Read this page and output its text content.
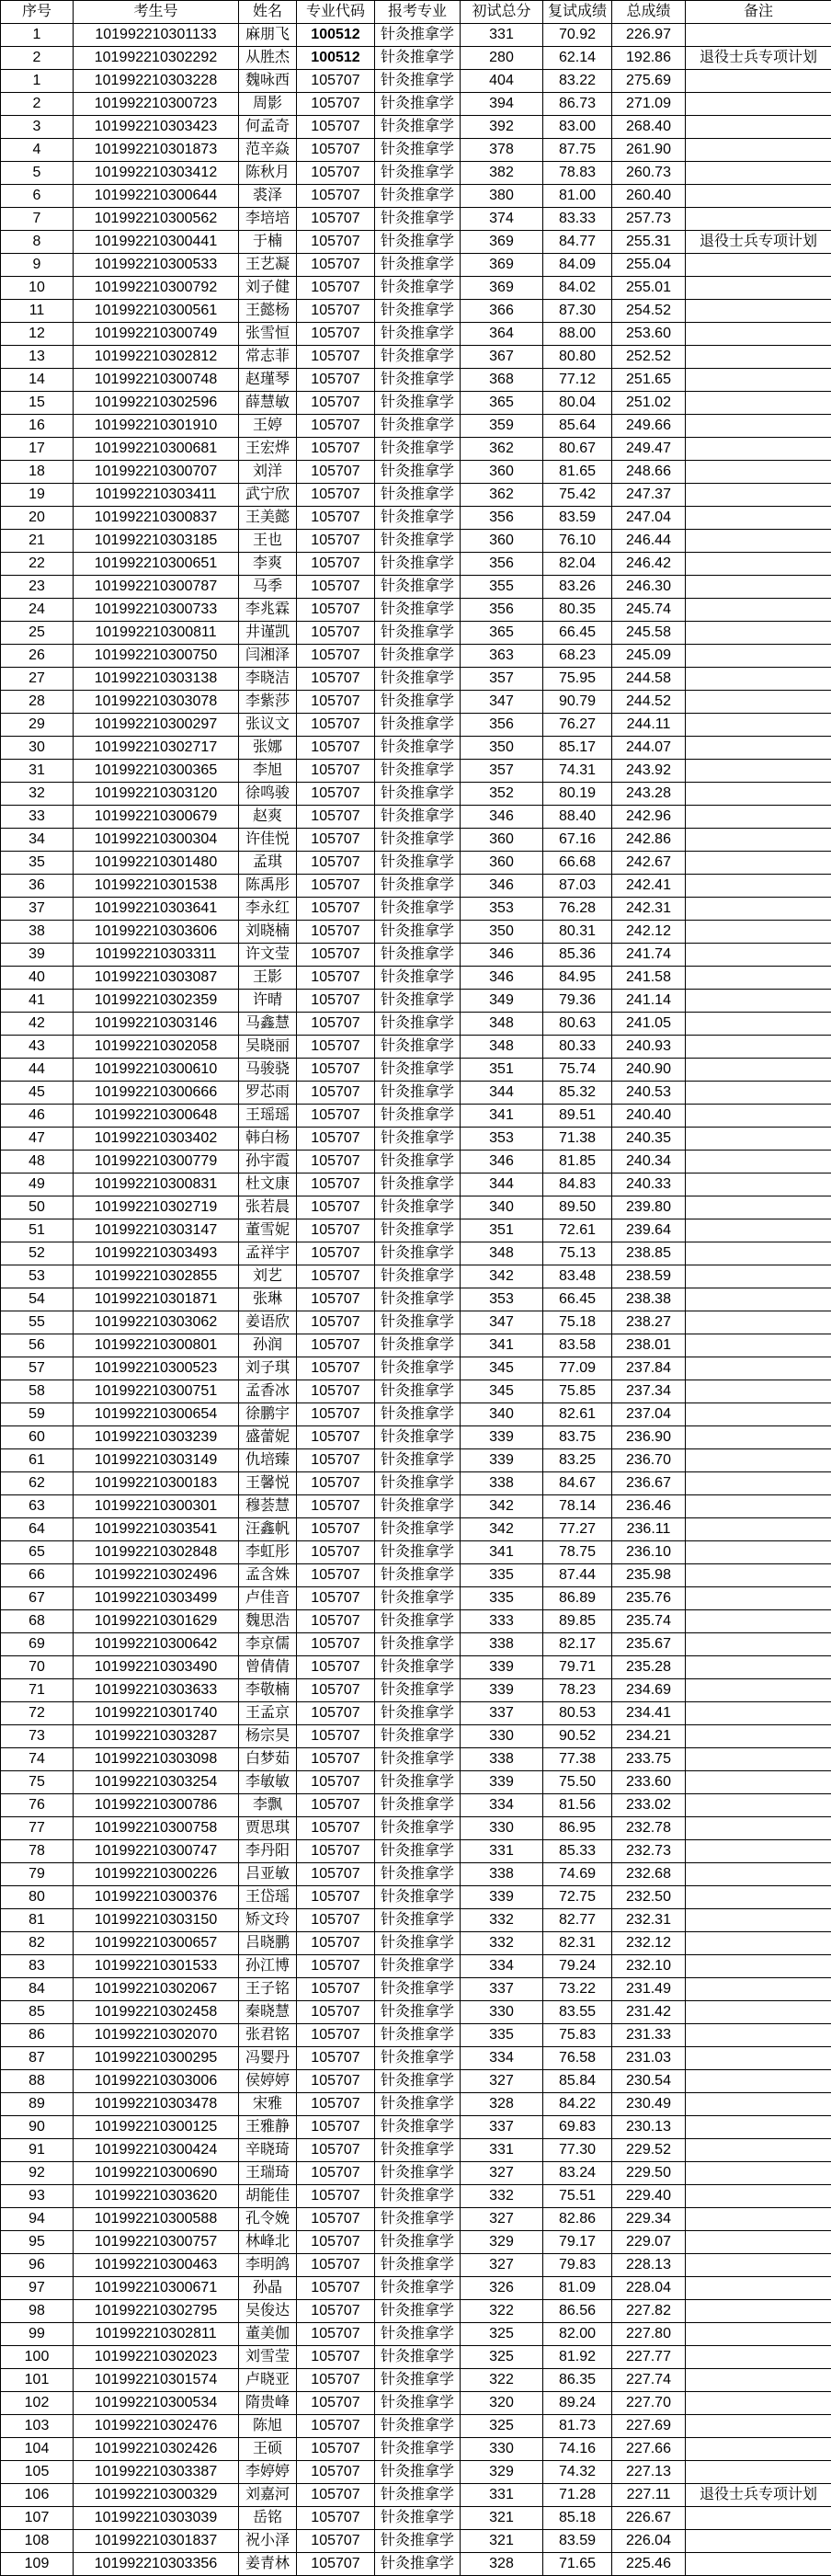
序号	考生号	姓名	专业代码	报考专业	初试总分	复试成绩	总成绩	备注
1	101992210301133	麻朋飞	100512	针灸推拿学	331	70.92	226.97	
2	101992210302292	从胜杰	100512	针灸推拿学	280	62.14	192.86	退役士兵专项计划
1	101992210303228	魏咏西	105707	针灸推拿学	404	83.22	275.69	
2	101992210300723	周影	105707	针灸推拿学	394	86.73	271.09	
3	101992210303423	何孟奇	105707	针灸推拿学	392	83.00	268.40	
4	101992210301873	范辛焱	105707	针灸推拿学	378	87.75	261.90	
5	101992210303412	陈秋月	105707	针灸推拿学	382	78.83	260.73	
6	101992210300644	裘泽	105707	针灸推拿学	380	81.00	260.40	
7	101992210300562	李培培	105707	针灸推拿学	374	83.33	257.73	
8	101992210300441	于楠	105707	针灸推拿学	369	84.77	255.31	退役士兵专项计划
9	101992210300533	王艺凝	105707	针灸推拿学	369	84.09	255.04	
10	101992210300792	刘子健	105707	针灸推拿学	369	84.02	255.01	
11	101992210300561	王懿杨	105707	针灸推拿学	366	87.30	254.52	
12	101992210300749	张雪恒	105707	针灸推拿学	364	88.00	253.60	
13	101992210302812	常志菲	105707	针灸推拿学	367	80.80	252.52	
14	101992210300748	赵瑾琴	105707	针灸推拿学	368	77.12	251.65	
15	101992210302596	薛慧敏	105707	针灸推拿学	365	80.04	251.02	
16	101992210301910	王婷	105707	针灸推拿学	359	85.64	249.66	
17	101992210300681	王宏烨	105707	针灸推拿学	362	80.67	249.47	
18	101992210300707	刘洋	105707	针灸推拿学	360	81.65	248.66	
19	101992210303411	武宁欣	105707	针灸推拿学	362	75.42	247.37	
20	101992210300837	王美懿	105707	针灸推拿学	356	83.59	247.04	
21	101992210303185	王也	105707	针灸推拿学	360	76.10	246.44	
22	101992210300651	李爽	105707	针灸推拿学	356	82.04	246.42	
23	101992210300787	马季	105707	针灸推拿学	355	83.26	246.30	
24	101992210300733	李兆霖	105707	针灸推拿学	356	80.35	245.74	
25	101992210300811	井谨凯	105707	针灸推拿学	365	66.45	245.58	
26	101992210300750	闫湘泽	105707	针灸推拿学	363	68.23	245.09	
27	101992210303138	李晓洁	105707	针灸推拿学	357	75.95	244.58	
28	101992210303078	李紫莎	105707	针灸推拿学	347	90.79	244.52	
29	101992210300297	张议文	105707	针灸推拿学	356	76.27	244.11	
30	101992210302717	张娜	105707	针灸推拿学	350	85.17	244.07	
31	101992210300365	李旭	105707	针灸推拿学	357	74.31	243.92	
32	101992210303120	徐鸣骏	105707	针灸推拿学	352	80.19	243.28	
33	101992210300679	赵爽	105707	针灸推拿学	346	88.40	242.96	
34	101992210300304	许佳悦	105707	针灸推拿学	360	67.16	242.86	
35	101992210301480	孟琪	105707	针灸推拿学	360	66.68	242.67	
36	101992210301538	陈禹彤	105707	针灸推拿学	346	87.03	242.41	
37	101992210303641	李永红	105707	针灸推拿学	353	76.28	242.31	
38	101992210303606	刘晓楠	105707	针灸推拿学	350	80.31	242.12	
39	101992210303311	许文莹	105707	针灸推拿学	346	85.36	241.74	
40	101992210303087	王影	105707	针灸推拿学	346	84.95	241.58	
41	101992210302359	许晴	105707	针灸推拿学	349	79.36	241.14	
42	101992210303146	马鑫慧	105707	针灸推拿学	348	80.63	241.05	
43	101992210302058	吴晓丽	105707	针灸推拿学	348	80.33	240.93	
44	101992210300610	马骏骁	105707	针灸推拿学	351	75.74	240.90	
45	101992210300666	罗芯雨	105707	针灸推拿学	344	85.32	240.53	
46	101992210300648	王瑶瑶	105707	针灸推拿学	341	89.51	240.40	
47	101992210303402	韩白杨	105707	针灸推拿学	353	71.38	240.35	
48	101992210300779	孙宇霞	105707	针灸推拿学	346	81.85	240.34	
49	101992210300831	杜文康	105707	针灸推拿学	344	84.83	240.33	
50	101992210302719	张若晨	105707	针灸推拿学	340	89.50	239.80	
51	101992210303147	董雪妮	105707	针灸推拿学	351	72.61	239.64	
52	101992210303493	孟祥宇	105707	针灸推拿学	348	75.13	238.85	
53	101992210302855	刘艺	105707	针灸推拿学	342	83.48	238.59	
54	101992210301871	张琳	105707	针灸推拿学	353	66.45	238.38	
55	101992210303062	姜语欣	105707	针灸推拿学	347	75.18	238.27	
56	101992210300801	孙润	105707	针灸推拿学	341	83.58	238.01	
57	101992210300523	刘子琪	105707	针灸推拿学	345	77.09	237.84	
58	101992210300751	孟香冰	105707	针灸推拿学	345	75.85	237.34	
59	101992210300654	徐鹏宇	105707	针灸推拿学	340	82.61	237.04	
60	101992210303239	盛蕾妮	105707	针灸推拿学	339	83.75	236.90	
61	101992210303149	仇培臻	105707	针灸推拿学	339	83.25	236.70	
62	101992210300183	王馨悦	105707	针灸推拿学	338	84.67	236.67	
63	101992210300301	穆荟慧	105707	针灸推拿学	342	78.14	236.46	
64	101992210303541	汪鑫帆	105707	针灸推拿学	342	77.27	236.11	
65	101992210302848	李虹彤	105707	针灸推拿学	341	78.75	236.10	
66	101992210302496	孟含姝	105707	针灸推拿学	335	87.44	235.98	
67	101992210303499	卢佳音	105707	针灸推拿学	335	86.89	235.76	
68	101992210301629	魏思浩	105707	针灸推拿学	333	89.85	235.74	
69	101992210300642	李京儒	105707	针灸推拿学	338	82.17	235.67	
70	101992210303490	曾倩倩	105707	针灸推拿学	339	79.71	235.28	
71	101992210303633	李敬楠	105707	针灸推拿学	339	78.23	234.69	
72	101992210301740	王孟京	105707	针灸推拿学	337	80.53	234.41	
73	101992210303287	杨宗昊	105707	针灸推拿学	330	90.52	234.21	
74	101992210303098	白梦茹	105707	针灸推拿学	338	77.38	233.75	
75	101992210303254	李敏敏	105707	针灸推拿学	339	75.50	233.60	
76	101992210300786	李飘	105707	针灸推拿学	334	81.56	233.02	
77	101992210300758	贾思琪	105707	针灸推拿学	330	86.95	232.78	
78	101992210300747	李丹阳	105707	针灸推拿学	331	85.33	232.73	
79	101992210300226	吕亚敏	105707	针灸推拿学	338	74.69	232.68	
80	101992210300376	王岱瑶	105707	针灸推拿学	339	72.75	232.50	
81	101992210303150	矫文玲	105707	针灸推拿学	332	82.77	232.31	
82	101992210300657	吕晓鹏	105707	针灸推拿学	332	82.31	232.12	
83	101992210301533	孙江博	105707	针灸推拿学	334	79.24	232.10	
84	101992210302067	王子铭	105707	针灸推拿学	337	73.22	231.49	
85	101992210302458	秦晓慧	105707	针灸推拿学	330	83.55	231.42	
86	101992210302070	张君铭	105707	针灸推拿学	335	75.83	231.33	
87	101992210300295	冯婴丹	105707	针灸推拿学	334	76.58	231.03	
88	101992210303006	侯婷婷	105707	针灸推拿学	327	85.84	230.54	
89	101992210303478	宋雅	105707	针灸推拿学	328	84.22	230.49	
90	101992210300125	王雅静	105707	针灸推拿学	337	69.83	230.13	
91	101992210300424	辛晓琦	105707	针灸推拿学	331	77.30	229.52	
92	101992210300690	王瑞琦	105707	针灸推拿学	327	83.24	229.50	
93	101992210303620	胡能佳	105707	针灸推拿学	332	75.51	229.40	
94	101992210300588	孔令娩	105707	针灸推拿学	327	82.86	229.34	
95	101992210300757	林峰北	105707	针灸推拿学	329	79.17	229.07	
96	101992210300463	李明鸽	105707	针灸推拿学	327	79.83	228.13	
97	101992210300671	孙晶	105707	针灸推拿学	326	81.09	228.04	
98	101992210302795	吴俊达	105707	针灸推拿学	322	86.56	227.82	
99	101992210302811	董美伽	105707	针灸推拿学	325	82.00	227.80	
100	101992210302023	刘雪莹	105707	针灸推拿学	325	81.92	227.77	
101	101992210301574	卢晓亚	105707	针灸推拿学	322	86.35	227.74	
102	101992210300534	隋贵峰	105707	针灸推拿学	320	89.24	227.70	
103	101992210302476	陈旭	105707	针灸推拿学	325	81.73	227.69	
104	101992210302426	王硕	105707	针灸推拿学	330	74.16	227.66	
105	101992210303387	李婷婷	105707	针灸推拿学	329	74.32	227.13	
106	101992210300329	刘嘉河	105707	针灸推拿学	331	71.28	227.11	退役士兵专项计划
107	101992210303039	岳铭	105707	针灸推拿学	321	85.18	226.67	
108	101992210301837	祝小泽	105707	针灸推拿学	321	83.59	226.04	
109	101992210303356	姜青林	105707	针灸推拿学	328	71.65	225.46	
